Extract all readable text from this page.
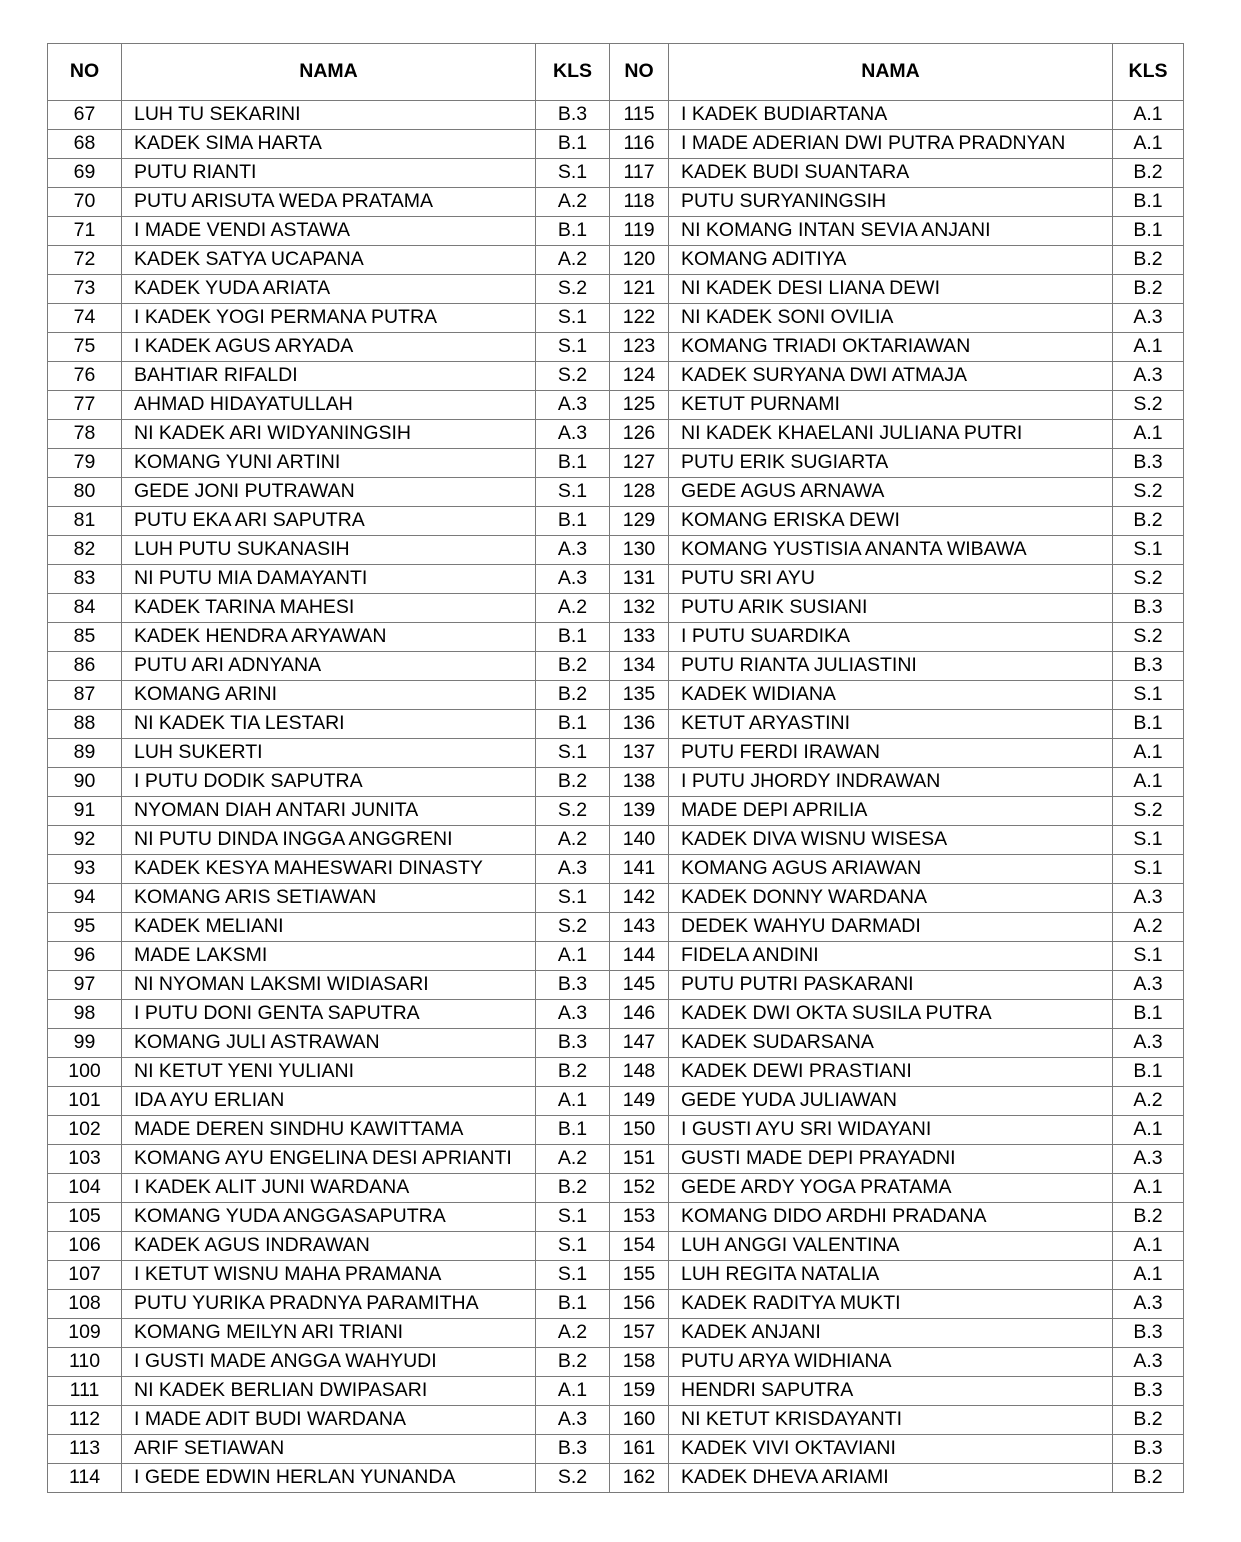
NO	NAMA	KLS	NO	NAMA	KLS
67	LUH TU SEKARINI	B.3	115	I KADEK BUDIARTANA	A.1
68	KADEK SIMA HARTA	B.1	116	I MADE ADERIAN DWI PUTRA PRADNYAN	A.1
69	PUTU RIANTI	S.1	117	KADEK BUDI SUANTARA	B.2
70	PUTU ARISUTA WEDA PRATAMA	A.2	118	PUTU SURYANINGSIH	B.1
71	I MADE VENDI ASTAWA	B.1	119	NI KOMANG INTAN SEVIA ANJANI	B.1
72	KADEK SATYA UCAPANA	A.2	120	KOMANG ADITIYA	B.2
73	KADEK YUDA ARIATA	S.2	121	NI KADEK DESI LIANA DEWI	B.2
74	I KADEK YOGI PERMANA PUTRA	S.1	122	NI KADEK SONI OVILIA	A.3
75	I KADEK AGUS ARYADA	S.1	123	KOMANG TRIADI OKTARIAWAN	A.1
76	BAHTIAR RIFALDI	S.2	124	KADEK SURYANA DWI ATMAJA	A.3
77	AHMAD HIDAYATULLAH	A.3	125	KETUT PURNAMI	S.2
78	NI KADEK ARI WIDYANINGSIH	A.3	126	NI KADEK KHAELANI JULIANA PUTRI	A.1
79	KOMANG YUNI ARTINI	B.1	127	PUTU ERIK SUGIARTA	B.3
80	GEDE JONI PUTRAWAN	S.1	128	GEDE AGUS ARNAWA	S.2
81	PUTU EKA ARI SAPUTRA	B.1	129	KOMANG ERISKA DEWI	B.2
82	LUH PUTU SUKANASIH	A.3	130	KOMANG YUSTISIA ANANTA WIBAWA	S.1
83	NI PUTU MIA DAMAYANTI	A.3	131	PUTU SRI AYU	S.2
84	KADEK TARINA MAHESI	A.2	132	PUTU ARIK SUSIANI	B.3
85	KADEK HENDRA ARYAWAN	B.1	133	I PUTU SUARDIKA	S.2
86	PUTU ARI ADNYANA	B.2	134	PUTU RIANTA JULIASTINI	B.3
87	KOMANG ARINI	B.2	135	KADEK WIDIANA	S.1
88	NI KADEK TIA LESTARI	B.1	136	KETUT ARYASTINI	B.1
89	LUH SUKERTI	S.1	137	PUTU FERDI IRAWAN	A.1
90	I PUTU DODIK SAPUTRA	B.2	138	I PUTU JHORDY INDRAWAN	A.1
91	NYOMAN DIAH ANTARI JUNITA	S.2	139	MADE DEPI APRILIA	S.2
92	NI PUTU DINDA INGGA ANGGRENI	A.2	140	KADEK DIVA WISNU WISESA	S.1
93	KADEK KESYA MAHESWARI DINASTY	A.3	141	KOMANG AGUS ARIAWAN	S.1
94	KOMANG ARIS SETIAWAN	S.1	142	KADEK DONNY WARDANA	A.3
95	KADEK MELIANI	S.2	143	DEDEK WAHYU DARMADI	A.2
96	MADE LAKSMI	A.1	144	FIDELA ANDINI	S.1
97	NI NYOMAN LAKSMI WIDIASARI	B.3	145	PUTU PUTRI PASKARANI	A.3
98	I PUTU DONI GENTA SAPUTRA	A.3	146	KADEK DWI OKTA SUSILA PUTRA	B.1
99	KOMANG JULI ASTRAWAN	B.3	147	KADEK SUDARSANA	A.3
100	NI KETUT YENI YULIANI	B.2	148	KADEK DEWI PRASTIANI	B.1
101	IDA AYU ERLIAN	A.1	149	GEDE YUDA JULIAWAN	A.2
102	MADE DEREN SINDHU KAWITTAMA	B.1	150	I GUSTI AYU SRI WIDAYANI	A.1
103	KOMANG AYU ENGELINA DESI APRIANTI	A.2	151	GUSTI MADE DEPI PRAYADNI	A.3
104	I KADEK ALIT JUNI WARDANA	B.2	152	GEDE ARDY YOGA PRATAMA	A.1
105	KOMANG YUDA ANGGASAPUTRA	S.1	153	KOMANG DIDO ARDHI PRADANA	B.2
106	KADEK AGUS INDRAWAN	S.1	154	LUH ANGGI VALENTINA	A.1
107	I KETUT WISNU MAHA PRAMANA	S.1	155	LUH REGITA NATALIA	A.1
108	PUTU YURIKA PRADNYA PARAMITHA	B.1	156	KADEK RADITYA MUKTI	A.3
109	KOMANG MEILYN ARI TRIANI	A.2	157	KADEK ANJANI	B.3
110	I GUSTI MADE ANGGA WAHYUDI	B.2	158	PUTU ARYA WIDHIANA	A.3
111	NI KADEK BERLIAN DWIPASARI	A.1	159	HENDRI SAPUTRA	B.3
112	I MADE ADIT BUDI WARDANA	A.3	160	NI KETUT KRISDAYANTI	B.2
113	ARIF SETIAWAN	B.3	161	KADEK VIVI OKTAVIANI	B.3
114	I GEDE EDWIN HERLAN YUNANDA	S.2	162	KADEK DHEVA ARIAMI	B.2
